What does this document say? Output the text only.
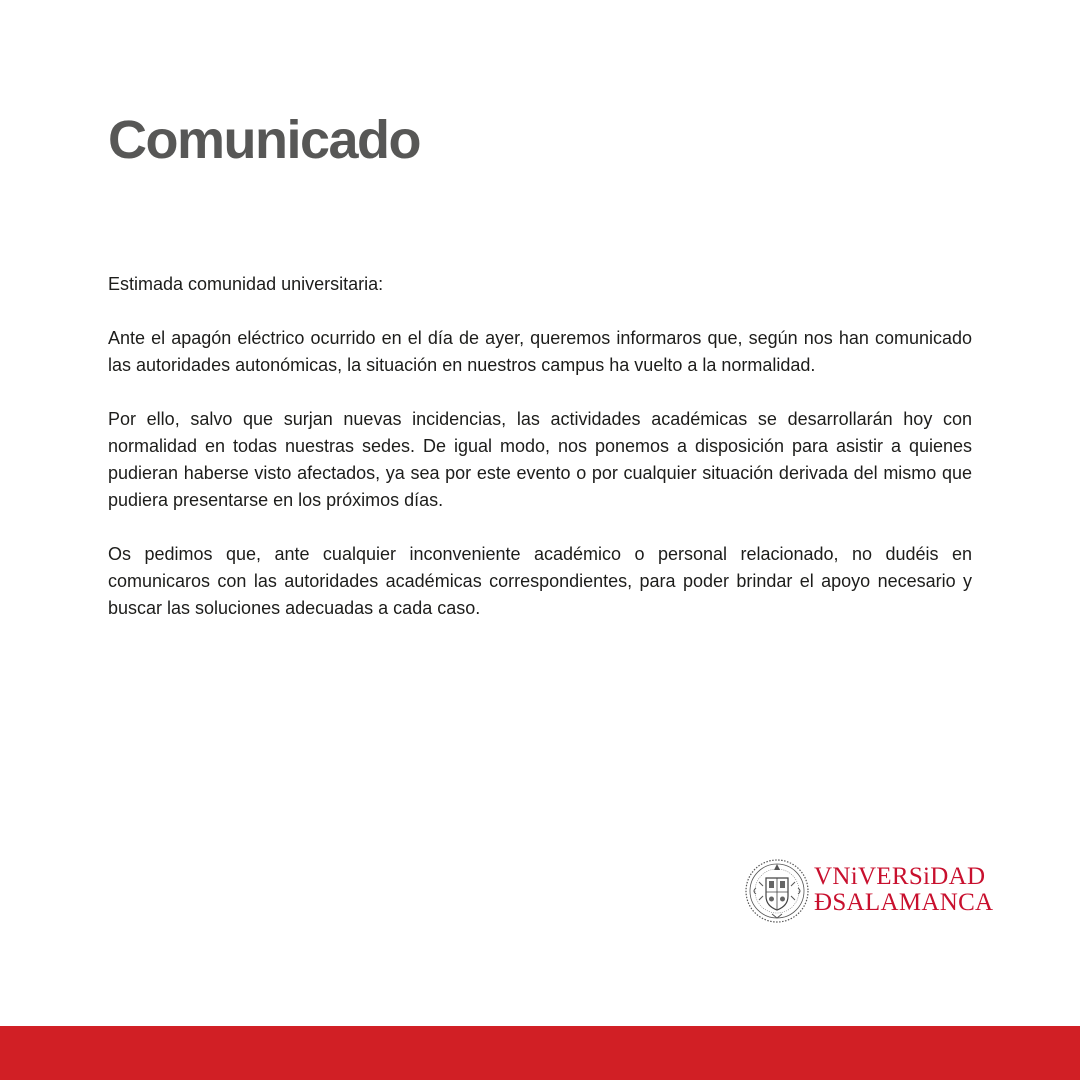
Comunicado

Estimada comunidad universitaria:

Ante el apagón eléctrico ocurrido en el día de ayer, queremos informaros que, según nos han comunicado las autoridades autonómicas, la situación en nuestros campus ha vuelto a la normalidad.

Por ello, salvo que surjan nuevas incidencias, las actividades académicas se desarrollarán hoy con normalidad en todas nuestras sedes. De igual modo, nos ponemos a disposición para asistir a quienes pudieran haberse visto afectados, ya sea por este evento o por cualquier situación derivada del mismo que pudiera presentarse en los próximos días.

Os pedimos que, ante cualquier inconveniente académico o personal relacionado, no dudéis en comunicaros con las autoridades académicas correspondientes, para poder brindar el apoyo necesario y buscar las soluciones adecuadas a cada caso.

VNiVERSiDAD
ÐSALAMANCA
